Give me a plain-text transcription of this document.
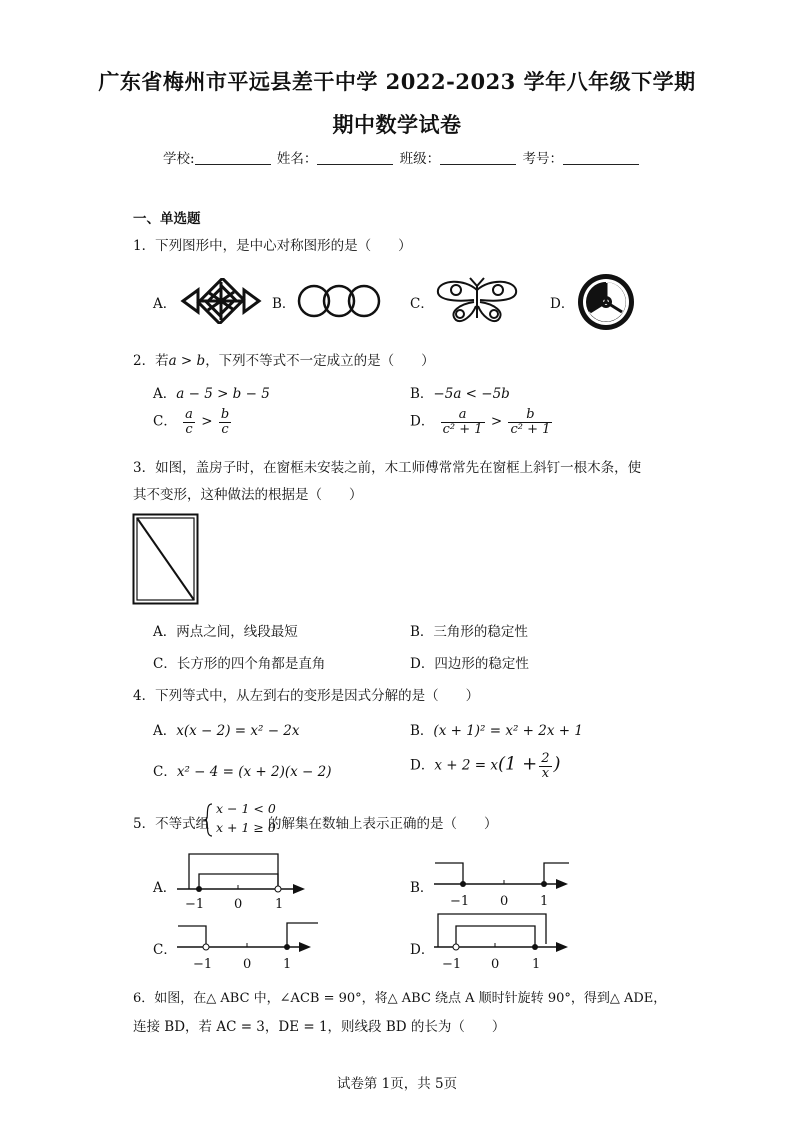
广东省梅州市平远县差干中学 2022-2023 学年八年级下学期
期中数学试卷
学校:	姓名：	班级：	考号：
一、单选题
1．下列图形中，是中心对称图形的是（　　）
A．	B．	C．	D．
2．若a > b，下列不等式不一定成立的是（　　）
A．a − 5 > b − 5	B．−5a < −5b
C． $\frac{a}{c} > \frac{b}{c}$	D． $\frac{a}{\text{c² + 1}} > \frac{b}{\text{c² + 1}}$
3．如图，盖房子时，在窗框未安装之前，木工师傅常常先在窗框上斜钉一根木条，使
其不变形，这种做法的根据是（　　）
A．两点之间，线段最短	B．三角形的稳定性
C．长方形的四个角都是直角	D．四边形的稳定性
4．下列等式中，从左到右的变形是因式分解的是（　　）
A．x(x − 2) = x² − 2x	B．(x + 1)² = x² + 2x + 1
C．x² − 4 = (x + 2)(x − 2)	D．$x + 2 = x(1 + \frac{2}{x}$ )
5．不等式组
x − 1 < 0
x + 1 ≥ 0
的解集在数轴上表示正确的是（　　）
A．
−1 0	1
B．
−1 0 1
C．
−1 0 1
D．
−1 0	1
6．如图，在△ ABC 中，∠ACB = 90°，将△ ABC 绕点 A 顺时针旋转 90°，得到△ ADE，
连接 BD，若 AC = 3，DE = 1，则线段 BD 的长为（　　）
试卷第 1页，共 5页
